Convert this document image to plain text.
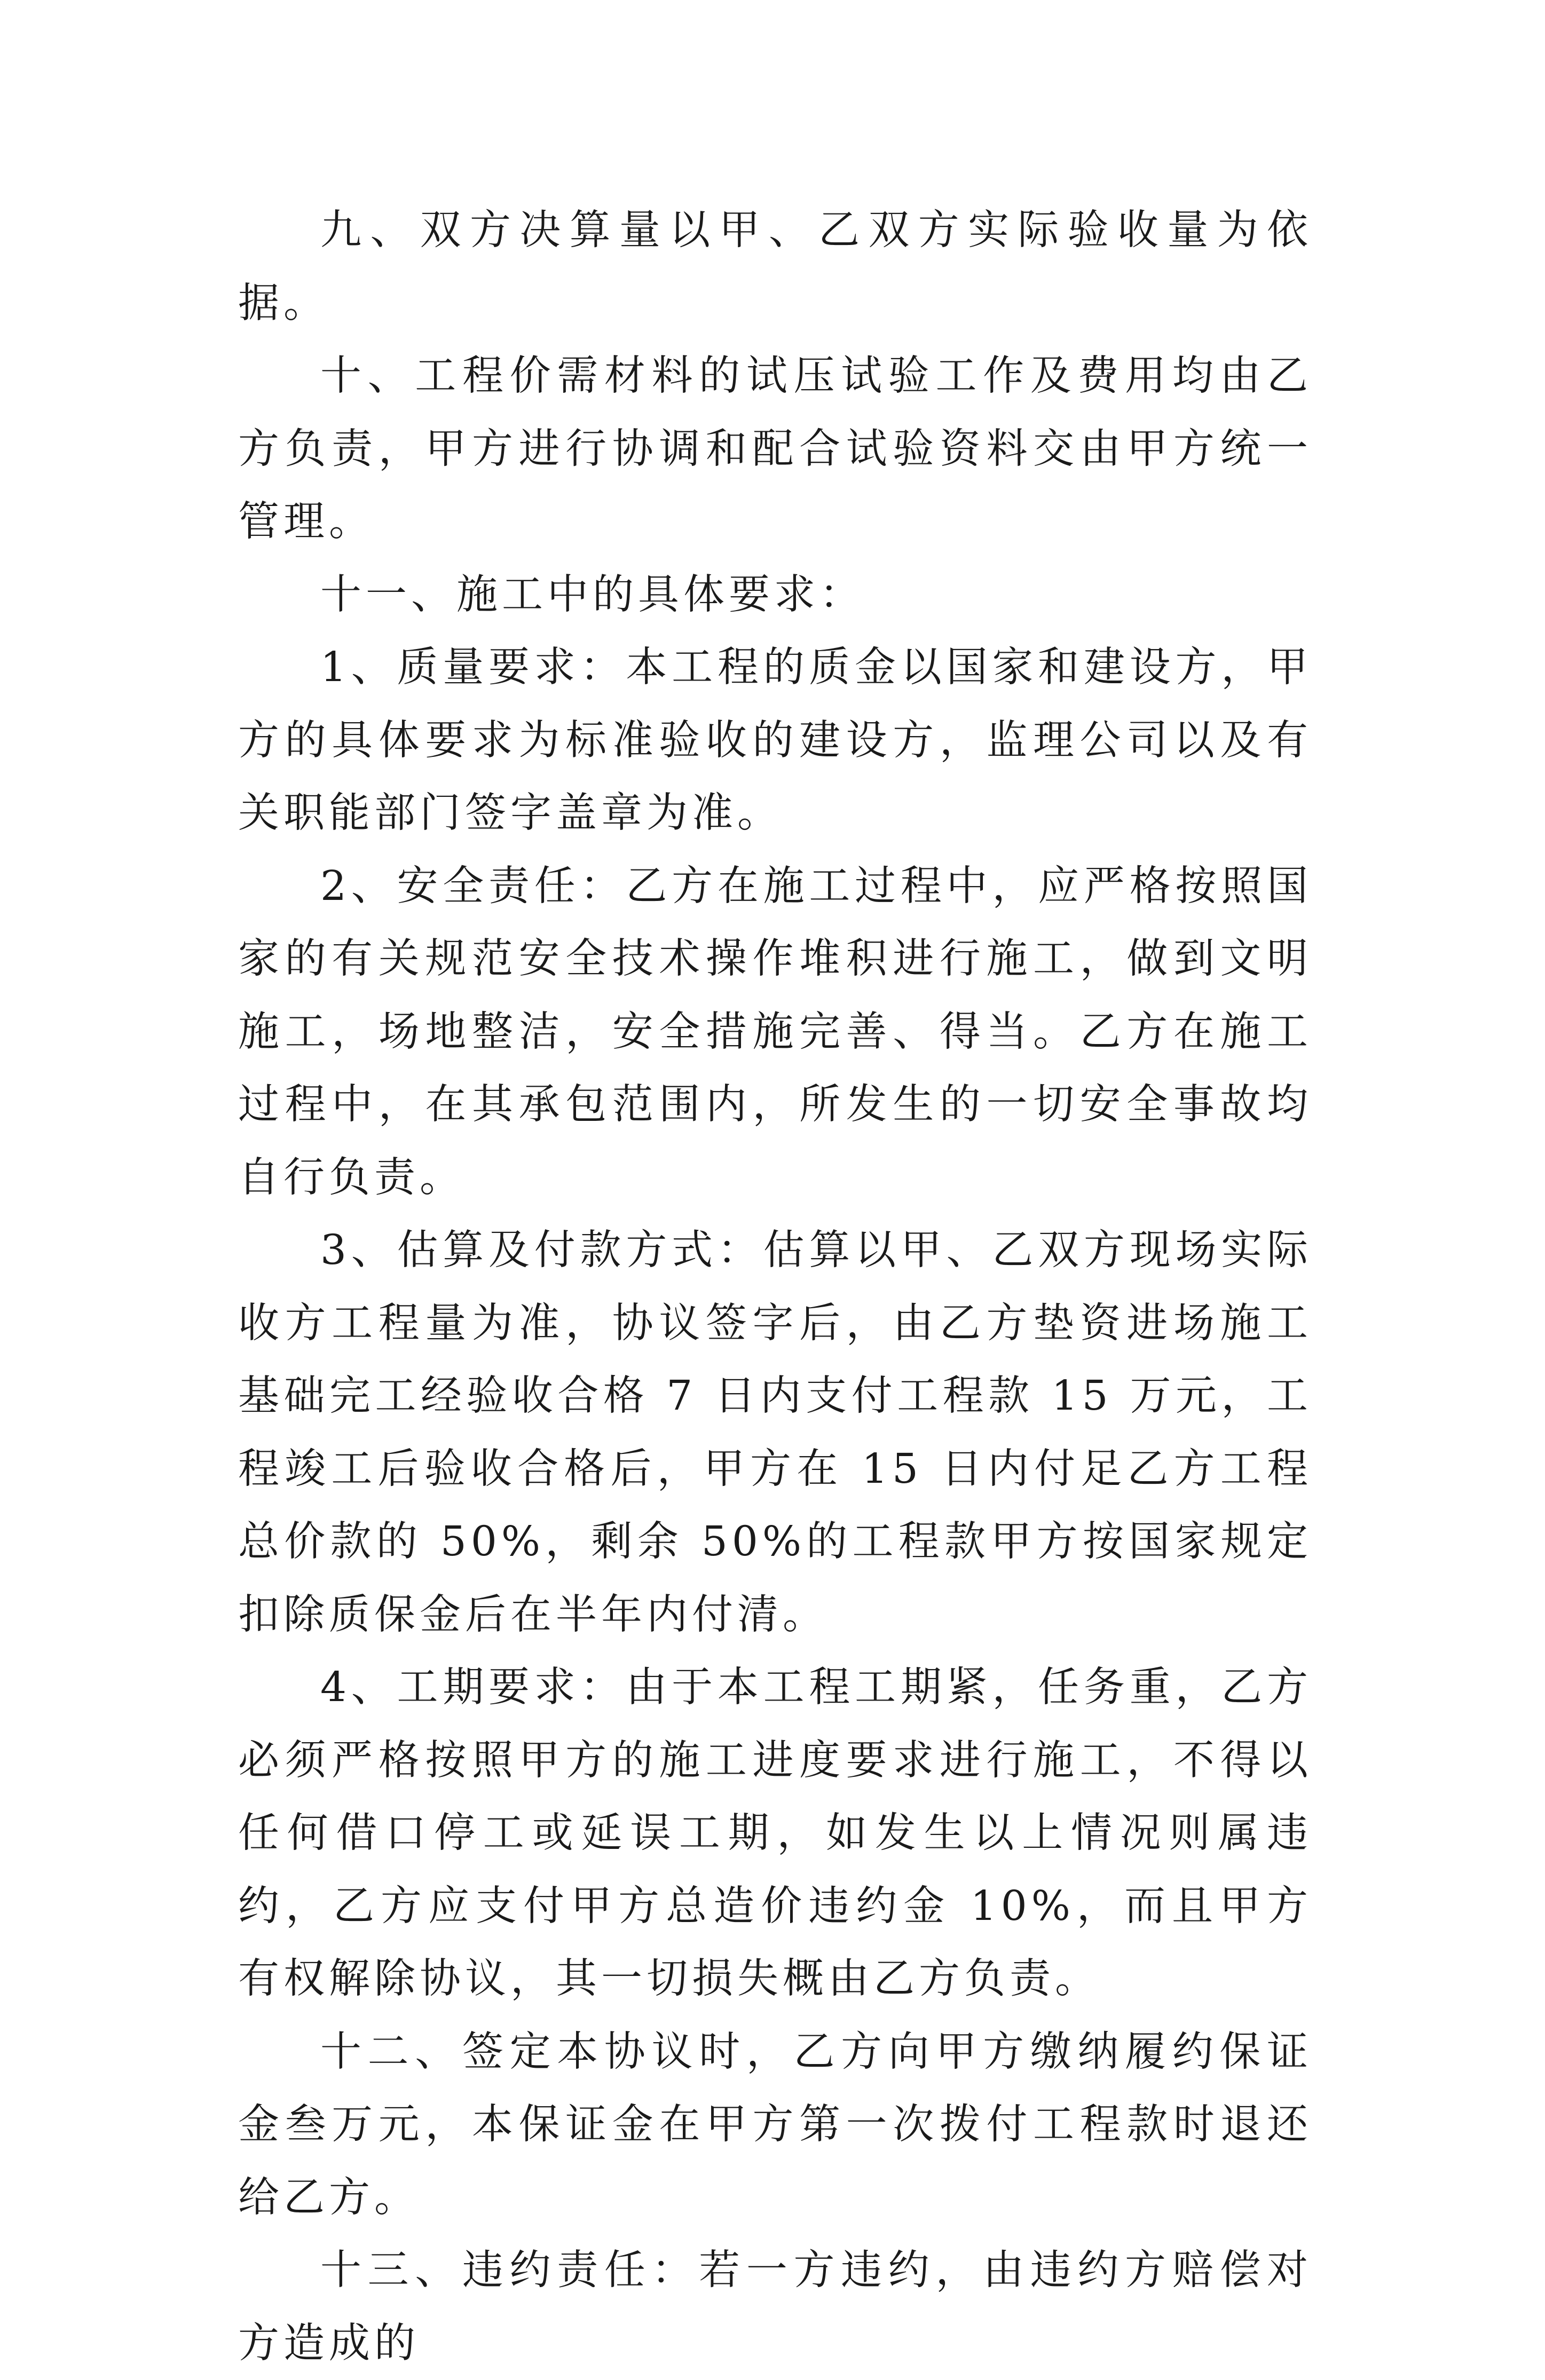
九、双方决算量以甲、乙双方实际验收量为依据。

十、工程价需材料的试压试验工作及费用均由乙方负责，甲方进行协调和配合试验资料交由甲方统一管理。

十一、施工中的具体要求：

1、质量要求：本工程的质金以国家和建设方，甲方的具体要求为标准验收的建设方，监理公司以及有关职能部门签字盖章为准。

2、安全责任：乙方在施工过程中，应严格按照国家的有关规范安全技术操作堆积进行施工，做到文明施工，场地整洁，安全措施完善、得当。乙方在施工过程中，在其承包范围内，所发生的一切安全事故均自行负责。

3、估算及付款方式：估算以甲、乙双方现场实际收方工程量为准，协议签字后，由乙方垫资进场施工基础完工经验收合格 7 日内支付工程款 15 万元，工程竣工后验收合格后，甲方在 15 日内付足乙方工程总价款的 50%，剩余 50%的工程款甲方按国家规定扣除质保金后在半年内付清。

4、工期要求：由于本工程工期紧，任务重，乙方必须严格按照甲方的施工进度要求进行施工，不得以任何借口停工或延误工期，如发生以上情况则属违约，乙方应支付甲方总造价违约金 10%，而且甲方有权解除协议，其一切损失概由乙方负责。

十二、签定本协议时，乙方向甲方缴纳履约保证金叁万元，本保证金在甲方第一次拨付工程款时退还给乙方。

十三、违约责任：若一方违约，由违约方赔偿对方造成的
